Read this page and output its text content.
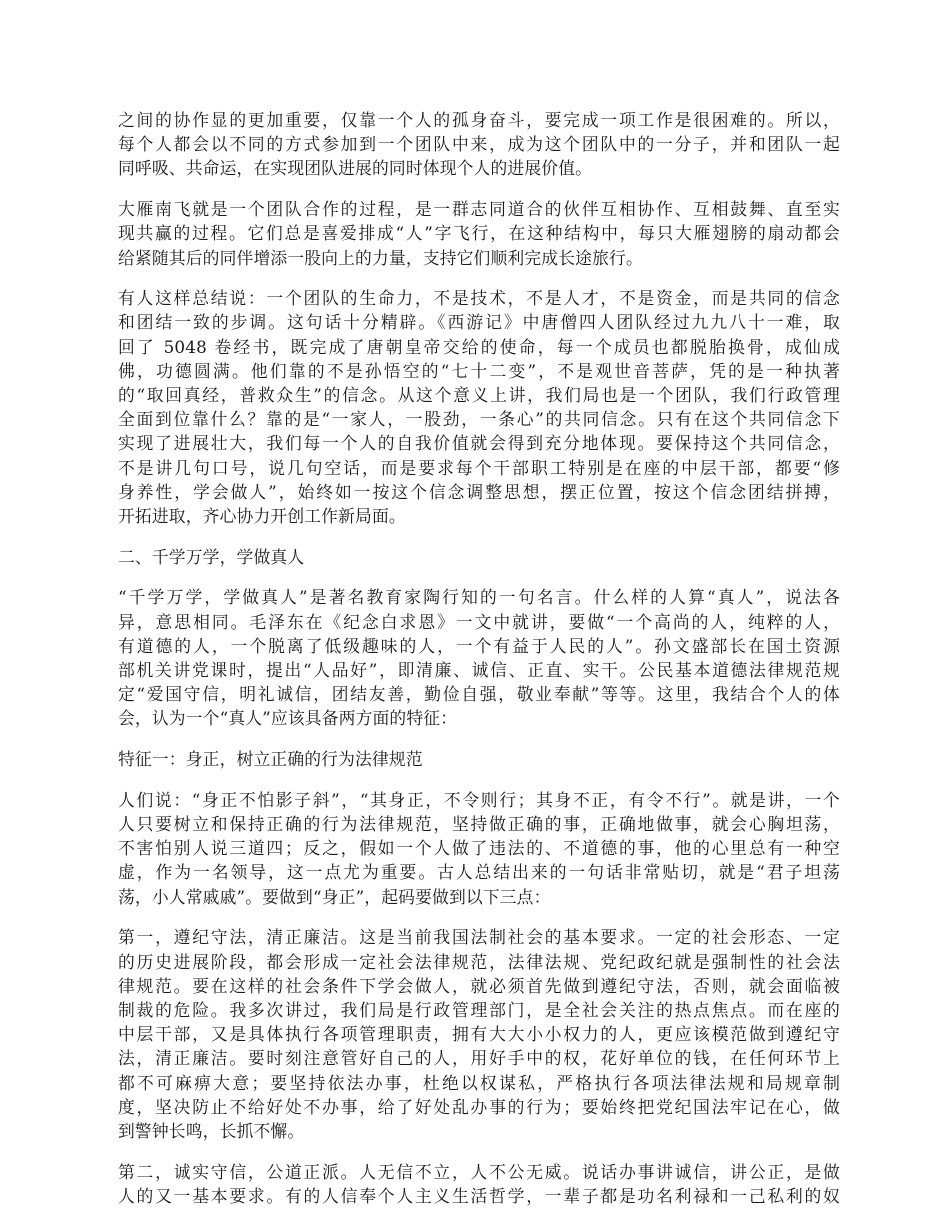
之间的协作显的更加重要，仅靠一个人的孤身奋斗，要完成一项工作是很困难的。所以，
每个人都会以不同的方式参加到一个团队中来，成为这个团队中的一分子，并和团队一起
同呼吸、共命运，在实现团队进展的同时体现个人的进展价值。
大雁南飞就是一个团队合作的过程，是一群志同道合的伙伴互相协作、互相鼓舞、直至实
现共赢的过程。它们总是喜爱排成“人”字飞行，在这种结构中，每只大雁翅膀的扇动都会
给紧随其后的同伴增添一股向上的力量，支持它们顺利完成长途旅行。
有人这样总结说：一个团队的生命力，不是技术，不是人才，不是资金，而是共同的信念
和团结一致的步调。这句话十分精辟。《西游记》中唐僧四人团队经过九九八十一难，取
回了 5048 卷经书，既完成了唐朝皇帝交给的使命，每一个成员也都脱胎换骨，成仙成
佛，功德圆满。他们靠的不是孙悟空的“七十二变”，不是观世音菩萨，凭的是一种执著
的“取回真经，普救众生”的信念。从这个意义上讲，我们局也是一个团队，我们行政管理
全面到位靠什么？靠的是“一家人，一股劲，一条心”的共同信念。只有在这个共同信念下
实现了进展壮大，我们每一个人的自我价值就会得到充分地体现。要保持这个共同信念，
不是讲几句口号，说几句空话，而是要求每个干部职工特别是在座的中层干部，都要“修
身养性，学会做人”，始终如一按这个信念调整思想，摆正位置，按这个信念团结拼搏，
开拓进取，齐心协力开创工作新局面。
二、千学万学，学做真人
“千学万学，学做真人”是著名教育家陶行知的一句名言。什么样的人算“真人”，说法各
异，意思相同。毛泽东在《纪念白求恩》一文中就讲，要做“一个高尚的人，纯粹的人，
有道德的人，一个脱离了低级趣味的人，一个有益于人民的人”。孙文盛部长在国土资源
部机关讲党课时，提出“人品好”，即清廉、诚信、正直、实干。公民基本道德法律规范规
定“爱国守信，明礼诚信，团结友善，勤俭自强，敬业奉献”等等。这里，我结合个人的体
会，认为一个“真人”应该具备两方面的特征：
特征一：身正，树立正确的行为法律规范
人们说：“身正不怕影子斜”，“其身正，不令则行；其身不正，有令不行”。就是讲，一个
人只要树立和保持正确的行为法律规范，坚持做正确的事，正确地做事，就会心胸坦荡，
不害怕别人说三道四；反之，假如一个人做了违法的、不道德的事，他的心里总有一种空
虚，作为一名领导，这一点尤为重要。古人总结出来的一句话非常贴切，就是“君子坦荡
荡，小人常戚戚”。要做到“身正”，起码要做到以下三点：
第一，遵纪守法，清正廉洁。这是当前我国法制社会的基本要求。一定的社会形态、一定
的历史进展阶段，都会形成一定社会法律规范，法律法规、党纪政纪就是强制性的社会法
律规范。要在这样的社会条件下学会做人，就必须首先做到遵纪守法，否则，就会面临被
制裁的危险。我多次讲过，我们局是行政管理部门，是全社会关注的热点焦点。而在座的
中层干部，又是具体执行各项管理职责，拥有大大小小权力的人，更应该模范做到遵纪守
法，清正廉洁。要时刻注意管好自己的人，用好手中的权，花好单位的钱，在任何环节上
都不可麻痹大意；要坚持依法办事，杜绝以权谋私，严格执行各项法律法规和局规章制
度，坚决防止不给好处不办事，给了好处乱办事的行为；要始终把党纪国法牢记在心，做
到警钟长鸣，长抓不懈。
第二，诚实守信，公道正派。人无信不立，人不公无威。说话办事讲诚信，讲公正，是做
人的又一基本要求。有的人信奉个人主义生活哲学，一辈子都是功名利禄和一己私利的奴
